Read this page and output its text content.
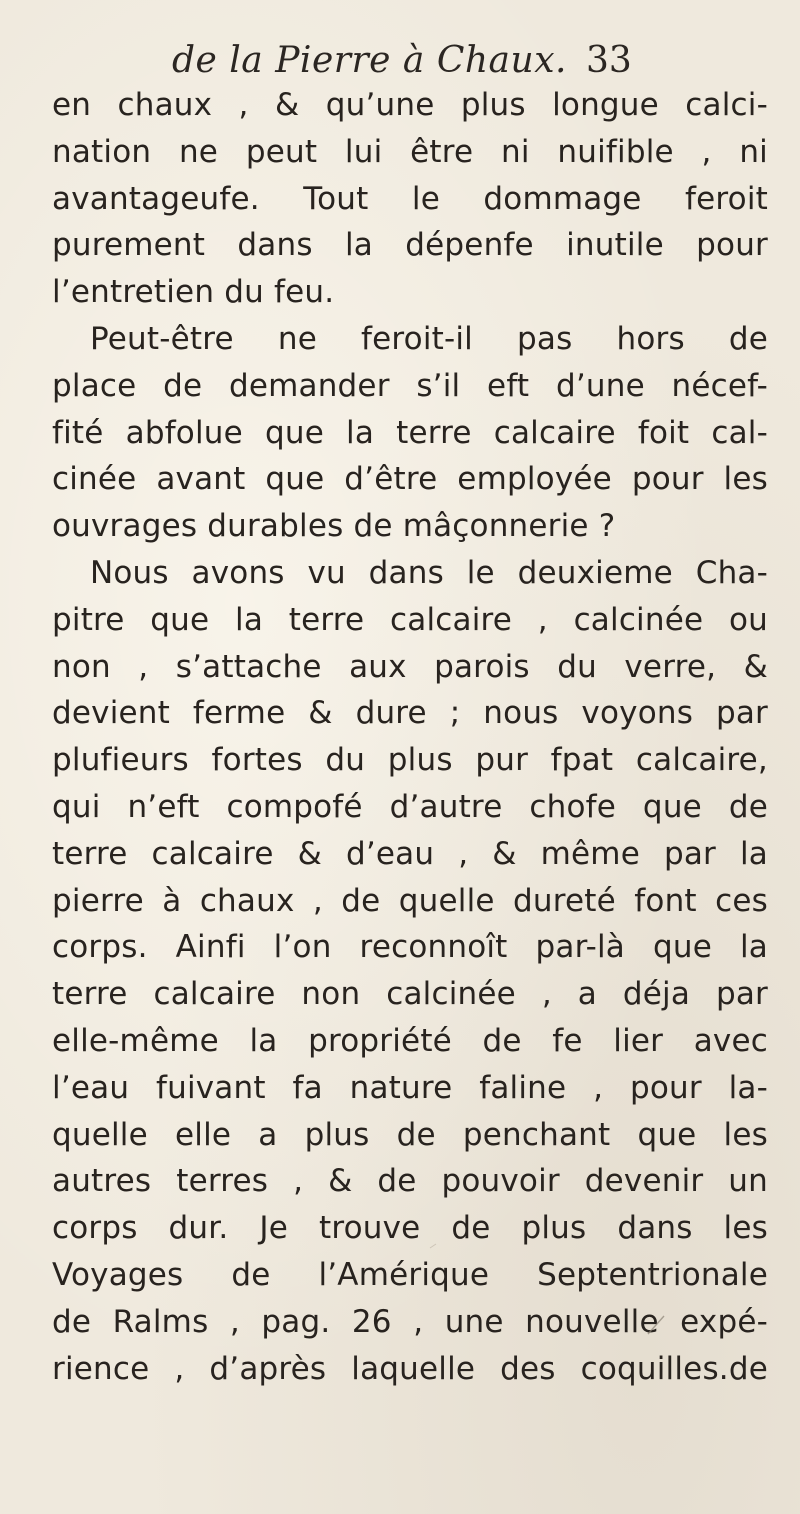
de la Pierre à Chaux. 33
en chaux , & qu’une plus longue calci-
nation ne peut lui être ni nuifible , ni
avantageufe. Tout le dommage feroit
purement dans la dépenfe inutile pour
l’entretien du feu.
Peut-être ne feroit-il pas hors de
place de demander s’il eft d’une nécef-
fité abfolue que la terre calcaire foit cal-
cinée avant que d’être employée pour les
ouvrages durables de mâçonnerie ?
Nous avons vu dans le deuxieme Cha-
pitre que la terre calcaire , calcinée ou
non , s’attache aux parois du verre, &
devient ferme & dure ; nous voyons par
plufieurs fortes du plus pur fpat calcaire,
qui n’eft compofé d’autre chofe que de
terre calcaire & d’eau , & même par la
pierre à chaux , de quelle dureté font ces
corps. Ainfi l’on reconnoît par-là que la
terre calcaire non calcinée , a déja par
elle-même la propriété de fe lier avec
l’eau fuivant fa nature faline , pour la-
quelle elle a plus de penchant que les
autres terres , & de pouvoir devenir un
corps dur. Je trouve de plus dans les
Voyages de l’Amérique Septentrionale
de Ralms , pag. 26 , une nouvelle expé-
rience , d’après laquelle des coquilles.de
